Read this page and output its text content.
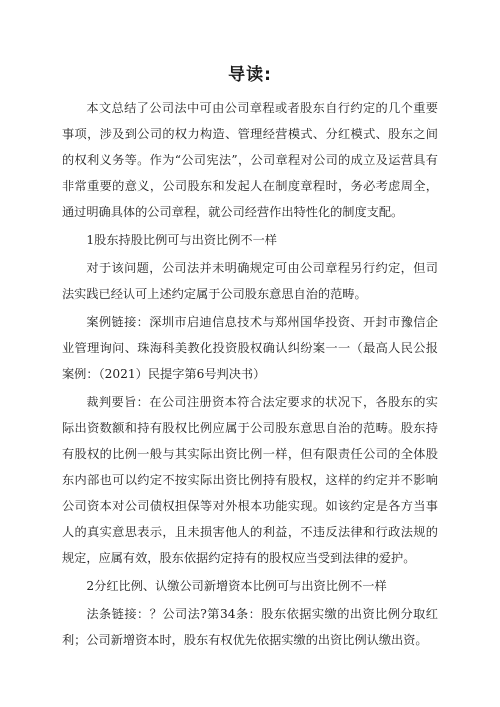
导读:

本文总结了公司法中可由公司章程或者股东自行约定的几个重要事项，涉及到公司的权力构造、管理经营模式、分红模式、股东之间的权利义务等。作为“公司宪法”，公司章程对公司的成立及运营具有非常重要的意义，公司股东和发起人在制度章程时，务必考虑周全，通过明确具体的公司章程，就公司经营作出特性化的制度支配。

1股东持股比例可与出资比例不一样

对于该问题，公司法并未明确规定可由公司章程另行约定，但司法实践已经认可上述约定属于公司股东意思自治的范畴。

案例链接：深圳市启迪信息技术与郑州国华投资、开封市豫信企业管理询问、珠海科美教化投资股权确认纠纷案一一（最高人民公报案例：（2021）民提字第6号判决书）

裁判要旨：在公司注册资本符合法定要求的状况下，各股东的实际出资数额和持有股权比例应属于公司股东意思自治的范畴。股东持有股权的比例一般与其实际出资比例一样，但有限责任公司的全体股东内部也可以约定不按实际出资比例持有股权，这样的约定并不影响公司资本对公司债权担保等对外根本功能实现。如该约定是各方当事人的真实意思表示，且未损害他人的利益，不违反法律和行政法规的规定，应属有效，股东依据约定持有的股权应当受到法律的爱护。

2分红比例、认缴公司新增资本比例可与出资比例不一样

法条链接：？公司法?第34条：股东依据实缴的出资比例分取红利；公司新增资本时，股东有权优先依据实缴的出资比例认缴出资。
